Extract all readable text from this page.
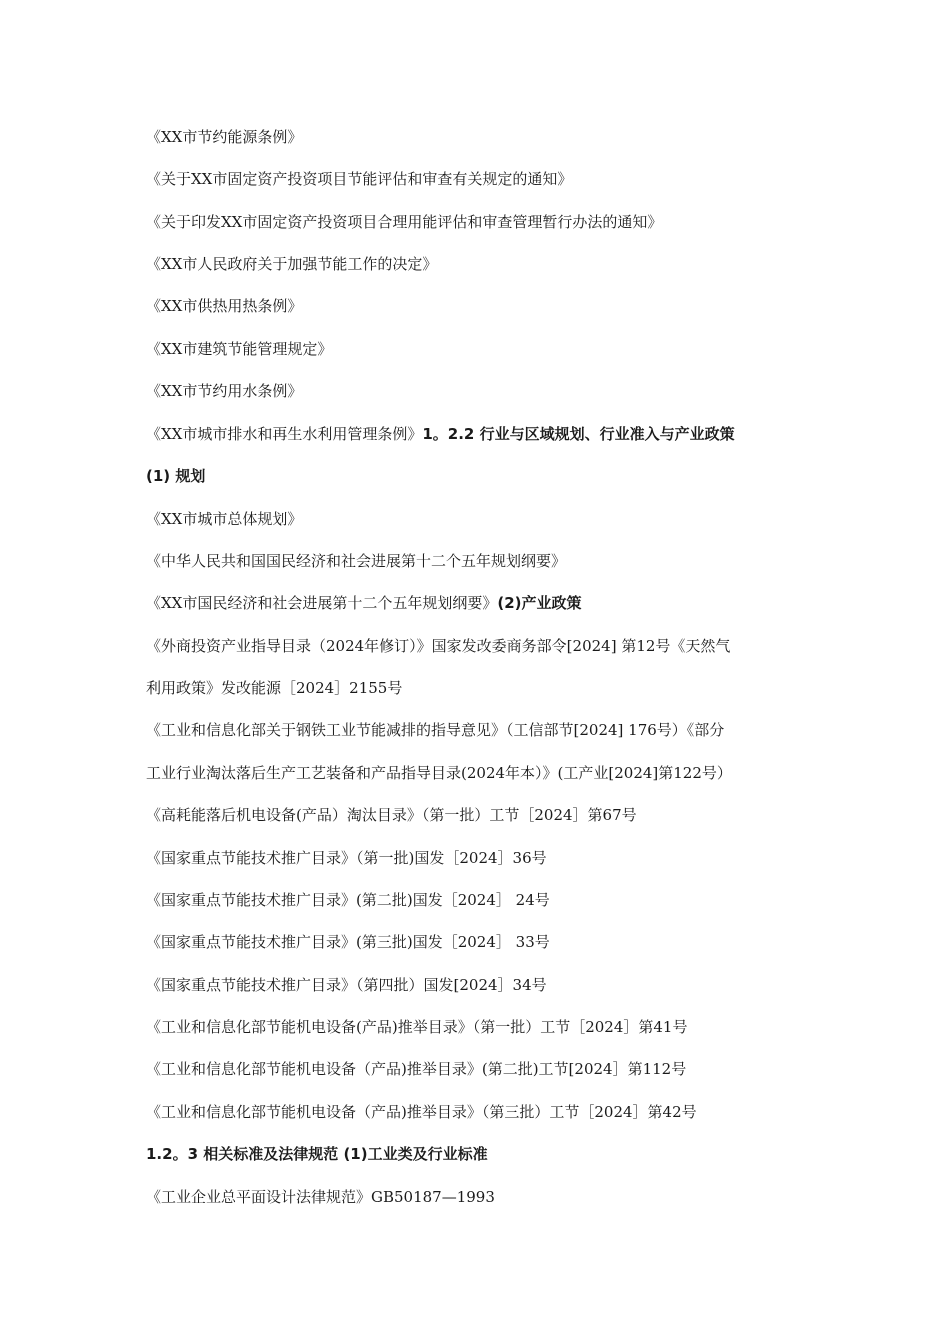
《XX市节约能源条例》
《关于XX市固定资产投资项目节能评估和审查有关规定的通知》
《关于印发XX市固定资产投资项目合理用能评估和审查管理暂行办法的通知》
《XX市人民政府关于加强节能工作的决定》
《XX市供热用热条例》
《XX市建筑节能管理规定》
《XX市节约用水条例》
《XX市城市排水和再生水利用管理条例》1。2.2 行业与区域规划、行业准入与产业政策
(1) 规划
《XX市城市总体规划》
《中华人民共和国国民经济和社会进展第十二个五年规划纲要》
《XX市国民经济和社会进展第十二个五年规划纲要》(2)产业政策
《外商投资产业指导目录（2024年修订）》国家发改委商务部令[2024] 第12号《天然气
利用政策》发改能源［2024］2155号
《工业和信息化部关于钢铁工业节能减排的指导意见》（工信部节[2024] 176号）《部分
工业行业淘汰落后生产工艺装备和产品指导目录(2024年本）》(工产业[2024]第122号）
《高耗能落后机电设备(产品）淘汰目录》（第一批）工节［2024］第67号
《国家重点节能技术推广目录》（第一批)国发［2024］36号
《国家重点节能技术推广目录》(第二批)国发［2024］ 24号
《国家重点节能技术推广目录》(第三批)国发［2024］ 33号
《国家重点节能技术推广目录》（第四批）国发[2024］34号
《工业和信息化部节能机电设备(产品)推举目录》（第一批）工节［2024］第41号
《工业和信息化部节能机电设备（产品)推举目录》(第二批)工节[2024］第112号
《工业和信息化部节能机电设备（产品)推举目录》（第三批）工节［2024］第42号
1.2。3 相关标准及法律规范 (1)工业类及行业标准
《工业企业总平面设计法律规范》GB50187—1993
